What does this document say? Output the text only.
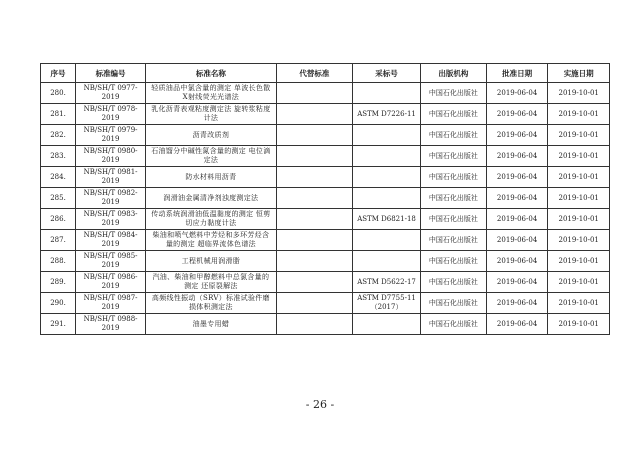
序号	标准编号	标准名称	代替标准	采标号	出版机构	批准日期	实施日期
280.	NB/SH/T 0977-2019	轻质油品中氯含量的测定 单波长色散X射线荧光光谱法			中国石化出版社	2019-06-04	2019-10-01
281.	NB/SH/T 0978-2019	乳化沥青表观粘度测定法 旋转浆粘度计法		ASTM D7226-11	中国石化出版社	2019-06-04	2019-10-01
282.	NB/SH/T 0979-2019	沥青改质剂			中国石化出版社	2019-06-04	2019-10-01
283.	NB/SH/T 0980-2019	石油馏分中碱性氮含量的测定 电位滴定法			中国石化出版社	2019-06-04	2019-10-01
284.	NB/SH/T 0981-2019	防水材料用沥青			中国石化出版社	2019-06-04	2019-10-01
285.	NB/SH/T 0982-2019	润滑油金属清净剂浊度测定法			中国石化出版社	2019-06-04	2019-10-01
286.	NB/SH/T 0983-2019	传动系统润滑油低温黏度的测定 恒剪切应力黏度计法		ASTM D6821-18	中国石化出版社	2019-06-04	2019-10-01
287.	NB/SH/T 0984-2019	柴油和喷气燃料中芳烃和多环芳烃含量的测定 超临界流体色谱法			中国石化出版社	2019-06-04	2019-10-01
288.	NB/SH/T 0985-2019	工程机械用润滑脂			中国石化出版社	2019-06-04	2019-10-01
289.	NB/SH/T 0986-2019	汽油、柴油和甲醇燃料中总氯含量的测定 还原裂解法		ASTM D5622-17	中国石化出版社	2019-06-04	2019-10-01
290.	NB/SH/T 0987-2019	高频线性振动（SRV）标准试验件磨损体积测定法		ASTM D7755-11（2017）	中国石化出版社	2019-06-04	2019-10-01
291.	NB/SH/T 0988-2019	油墨专用蜡			中国石化出版社	2019-06-04	2019-10-01
- 26 -
